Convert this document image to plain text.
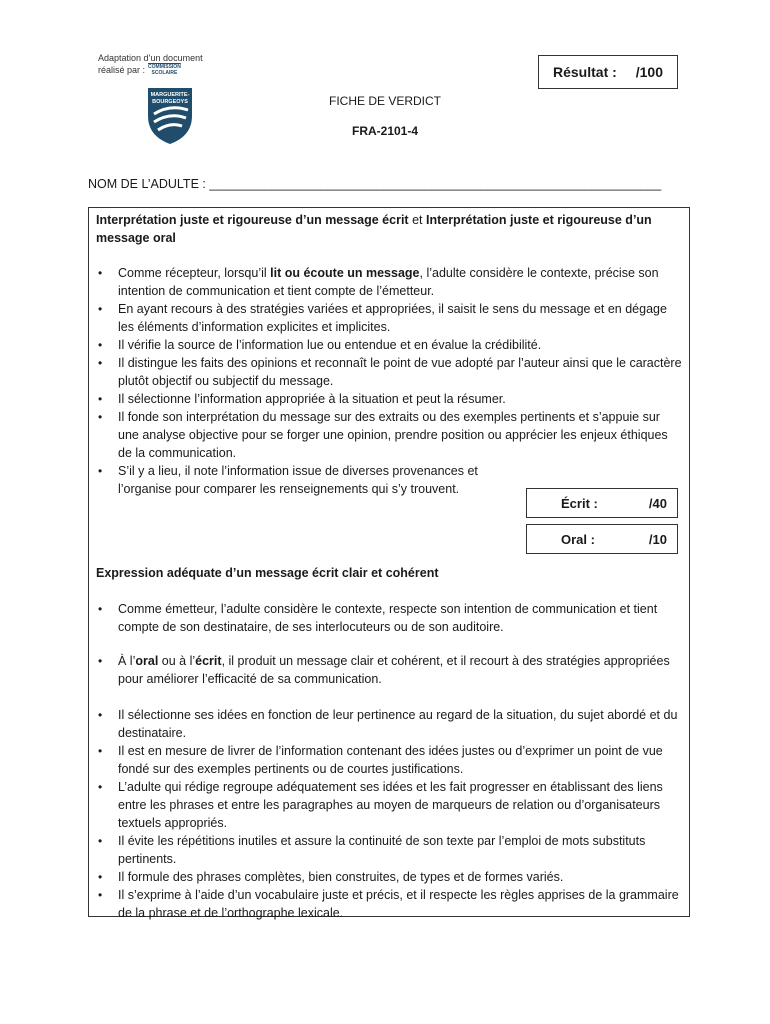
Adaptation d’un document
réalisé par : COMMISSION
SCOLAIRE
MARGUERITE-
BOURGEOYS
Résultat : /100
FICHE DE VERDICT
FRA-2101-4
NOM DE L’ADULTE : _________________________________________________________________
Interprétation juste et rigoureuse d’un message écrit et Interprétation juste et rigoureuse d’un message oral
• Comme récepteur, lorsqu’il lit ou écoute un message, l’adulte considère le contexte, précise son intention de communication et tient compte de l’émetteur.
• En ayant recours à des stratégies variées et appropriées, il saisit le sens du message et en dégage les éléments d’information explicites et implicites.
• Il vérifie la source de l’information lue ou entendue et en évalue la crédibilité.
• Il distingue les faits des opinions et reconnaît le point de vue adopté par l’auteur ainsi que le caractère plutôt objectif ou subjectif du message.
• Il sélectionne l’information appropriée à la situation et peut la résumer.
• Il fonde son interprétation du message sur des extraits ou des exemples pertinents et s’appuie sur une analyse objective pour se forger une opinion, prendre position ou apprécier les enjeux éthiques de la communication.
• S’il y a lieu, il note l’information issue de diverses provenances et l’organise pour comparer les renseignements qui s’y trouvent.
Écrit :	/40
Oral :	/10
Expression adéquate d’un message écrit clair et cohérent
• Comme émetteur, l’adulte considère le contexte, respecte son intention de communication et tient compte de son destinataire, de ses interlocuteurs ou de son auditoire.
• À l’oral ou à l’écrit, il produit un message clair et cohérent, et il recourt à des stratégies appropriées pour améliorer l’efficacité de sa communication.
• Il sélectionne ses idées en fonction de leur pertinence au regard de la situation, du sujet abordé et du destinataire.
• Il est en mesure de livrer de l’information contenant des idées justes ou d’exprimer un point de vue fondé sur des exemples pertinents ou de courtes justifications.
• L’adulte qui rédige regroupe adéquatement ses idées et les fait progresser en établissant des liens entre les phrases et entre les paragraphes au moyen de marqueurs de relation ou d’organisateurs textuels appropriés.
• Il évite les répétitions inutiles et assure la continuité de son texte par l’emploi de mots substituts pertinents.
• Il formule des phrases complètes, bien construites, de types et de formes variés.
• Il s’exprime à l’aide d’un vocabulaire juste et précis, et il respecte les règles apprises de la grammaire de la phrase et de l’orthographe lexicale.
